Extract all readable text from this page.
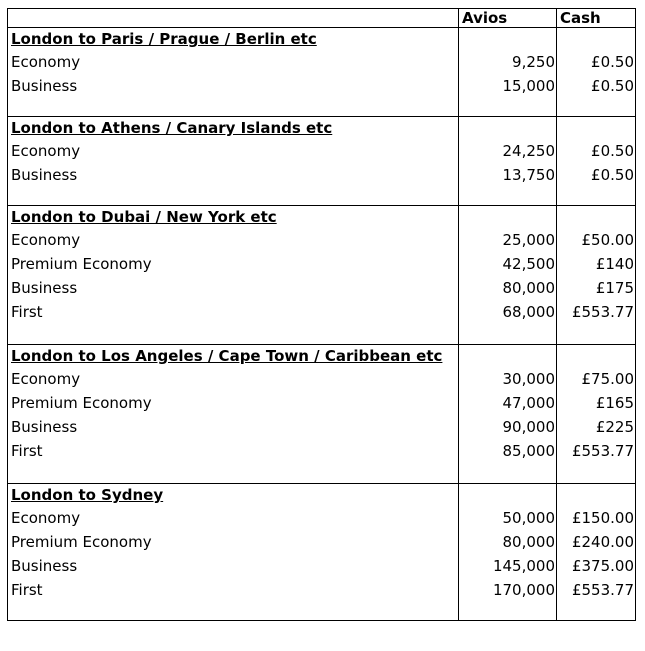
	Avios	Cash
London to Paris / Prague / Berlin etc		
Economy	9,250	£0.50
Business	15,000	£0.50

London to Athens / Canary Islands etc		
Economy	24,250	£0.50
Business	13,750	£0.50

London to Dubai / New York etc		
Economy	25,000	£50.00
Premium Economy	42,500	£140
Business	80,000	£175
First	68,000	£553.77

London to Los Angeles / Cape Town / Caribbean etc		
Economy	30,000	£75.00
Premium Economy	47,000	£165
Business	90,000	£225
First	85,000	£553.77

London to Sydney		
Economy	50,000	£150.00
Premium Economy	80,000	£240.00
Business	145,000	£375.00
First	170,000	£553.77
